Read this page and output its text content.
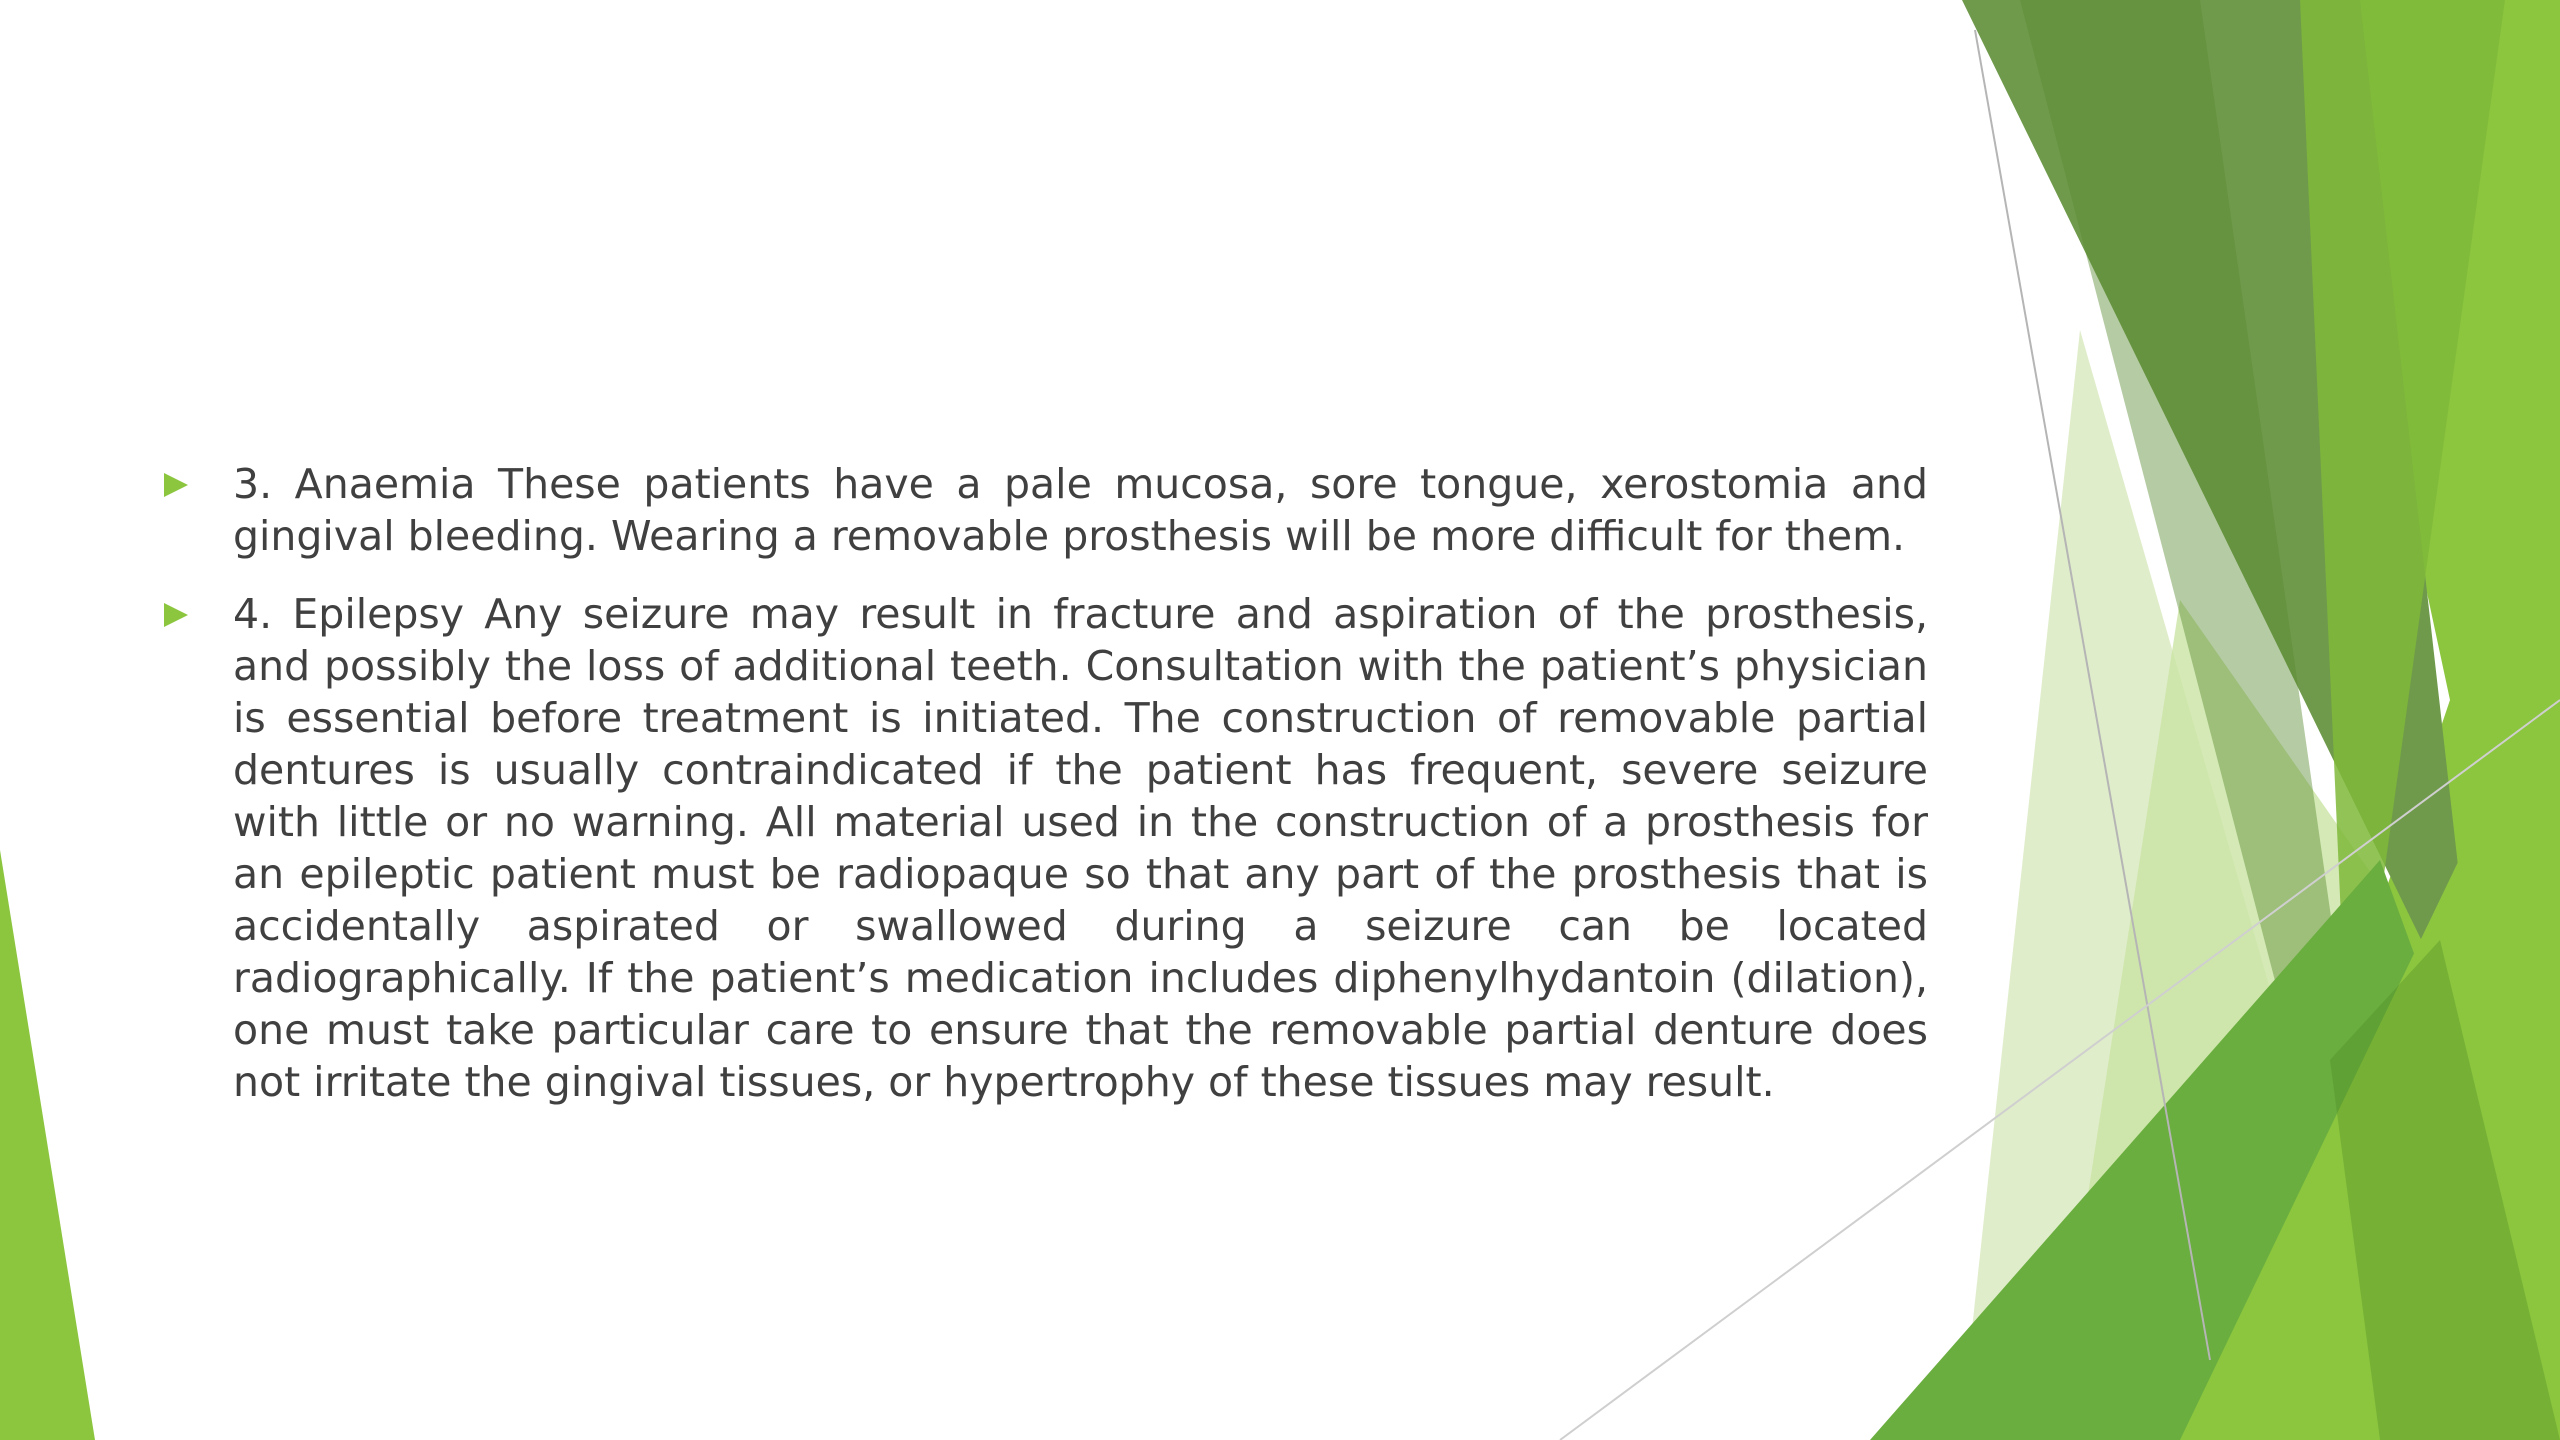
3. Anaemia These patients have a pale mucosa, sore tongue, xerostomia and gingival bleeding. Wearing a removable prosthesis will be more difficult for them.
4. Epilepsy Any seizure may result in fracture and aspiration of the prosthesis, and possibly the loss of additional teeth. Consultation with the patient’s physician is essential before treatment is initiated. The construction of removable partial dentures is usually contraindicated if the patient has frequent, severe seizure with little or no warning. All material used in the construction of a prosthesis for an epileptic patient must be radiopaque so that any part of the prosthesis that is accidentally aspirated or swallowed during a seizure can be located radiographically. If the patient’s medication includes diphenylhydantoin (dilation), one must take particular care to ensure that the removable partial denture does not irritate the gingival tissues, or hypertrophy of these tissues may result.
